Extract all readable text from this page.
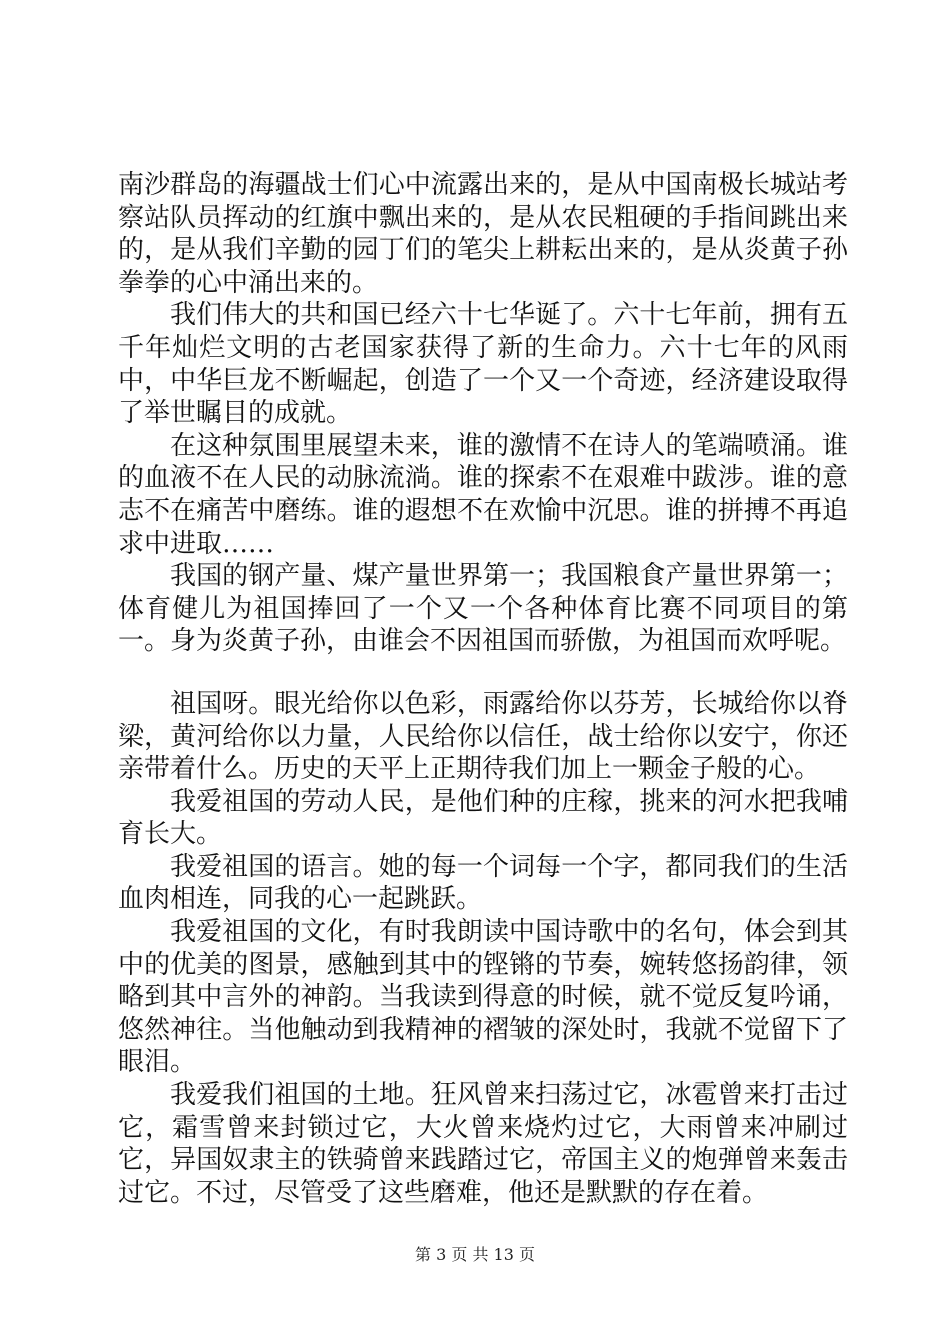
南沙群岛的海疆战士们心中流露出来的，是从中国南极长城站考察站队员挥动的红旗中飘出来的，是从农民粗硬的手指间跳出来的，是从我们辛勤的园丁们的笔尖上耕耘出来的，是从炎黄子孙拳拳的心中涌出来的。

我们伟大的共和国已经六十七华诞了。六十七年前，拥有五千年灿烂文明的古老国家获得了新的生命力。六十七年的风雨中，中华巨龙不断崛起，创造了一个又一个奇迹，经济建设取得了举世瞩目的成就。

在这种氛围里展望未来，谁的激情不在诗人的笔端喷涌。谁的血液不在人民的动脉流淌。谁的探索不在艰难中跋涉。谁的意志不在痛苦中磨练。谁的遐想不在欢愉中沉思。谁的拼搏不再追求中进取……

我国的钢产量、煤产量世界第一；我国粮食产量世界第一；体育健儿为祖国捧回了一个又一个各种体育比赛不同项目的第一。身为炎黄子孙，由谁会不因祖国而骄傲，为祖国而欢呼呢。

祖国呀。眼光给你以色彩，雨露给你以芬芳，长城给你以脊梁，黄河给你以力量，人民给你以信任，战士给你以安宁，你还亲带着什么。历史的天平上正期待我们加上一颗金子般的心。

我爱祖国的劳动人民，是他们种的庄稼，挑来的河水把我哺育长大。

我爱祖国的语言。她的每一个词每一个字，都同我们的生活血肉相连，同我的心一起跳跃。

我爱祖国的文化，有时我朗读中国诗歌中的名句，体会到其中的优美的图景，感触到其中的铿锵的节奏，婉转悠扬韵律，领略到其中言外的神韵。当我读到得意的时候，就不觉反复吟诵，悠然神往。当他触动到我精神的褶皱的深处时，我就不觉留下了眼泪。

我爱我们祖国的土地。狂风曾来扫荡过它，冰雹曾来打击过它，霜雪曾来封锁过它，大火曾来烧灼过它，大雨曾来冲刷过它，异国奴隶主的铁骑曾来践踏过它，帝国主义的炮弹曾来轰击过它。不过，尽管受了这些磨难，他还是默默的存在着。

第 3 页 共 13 页
